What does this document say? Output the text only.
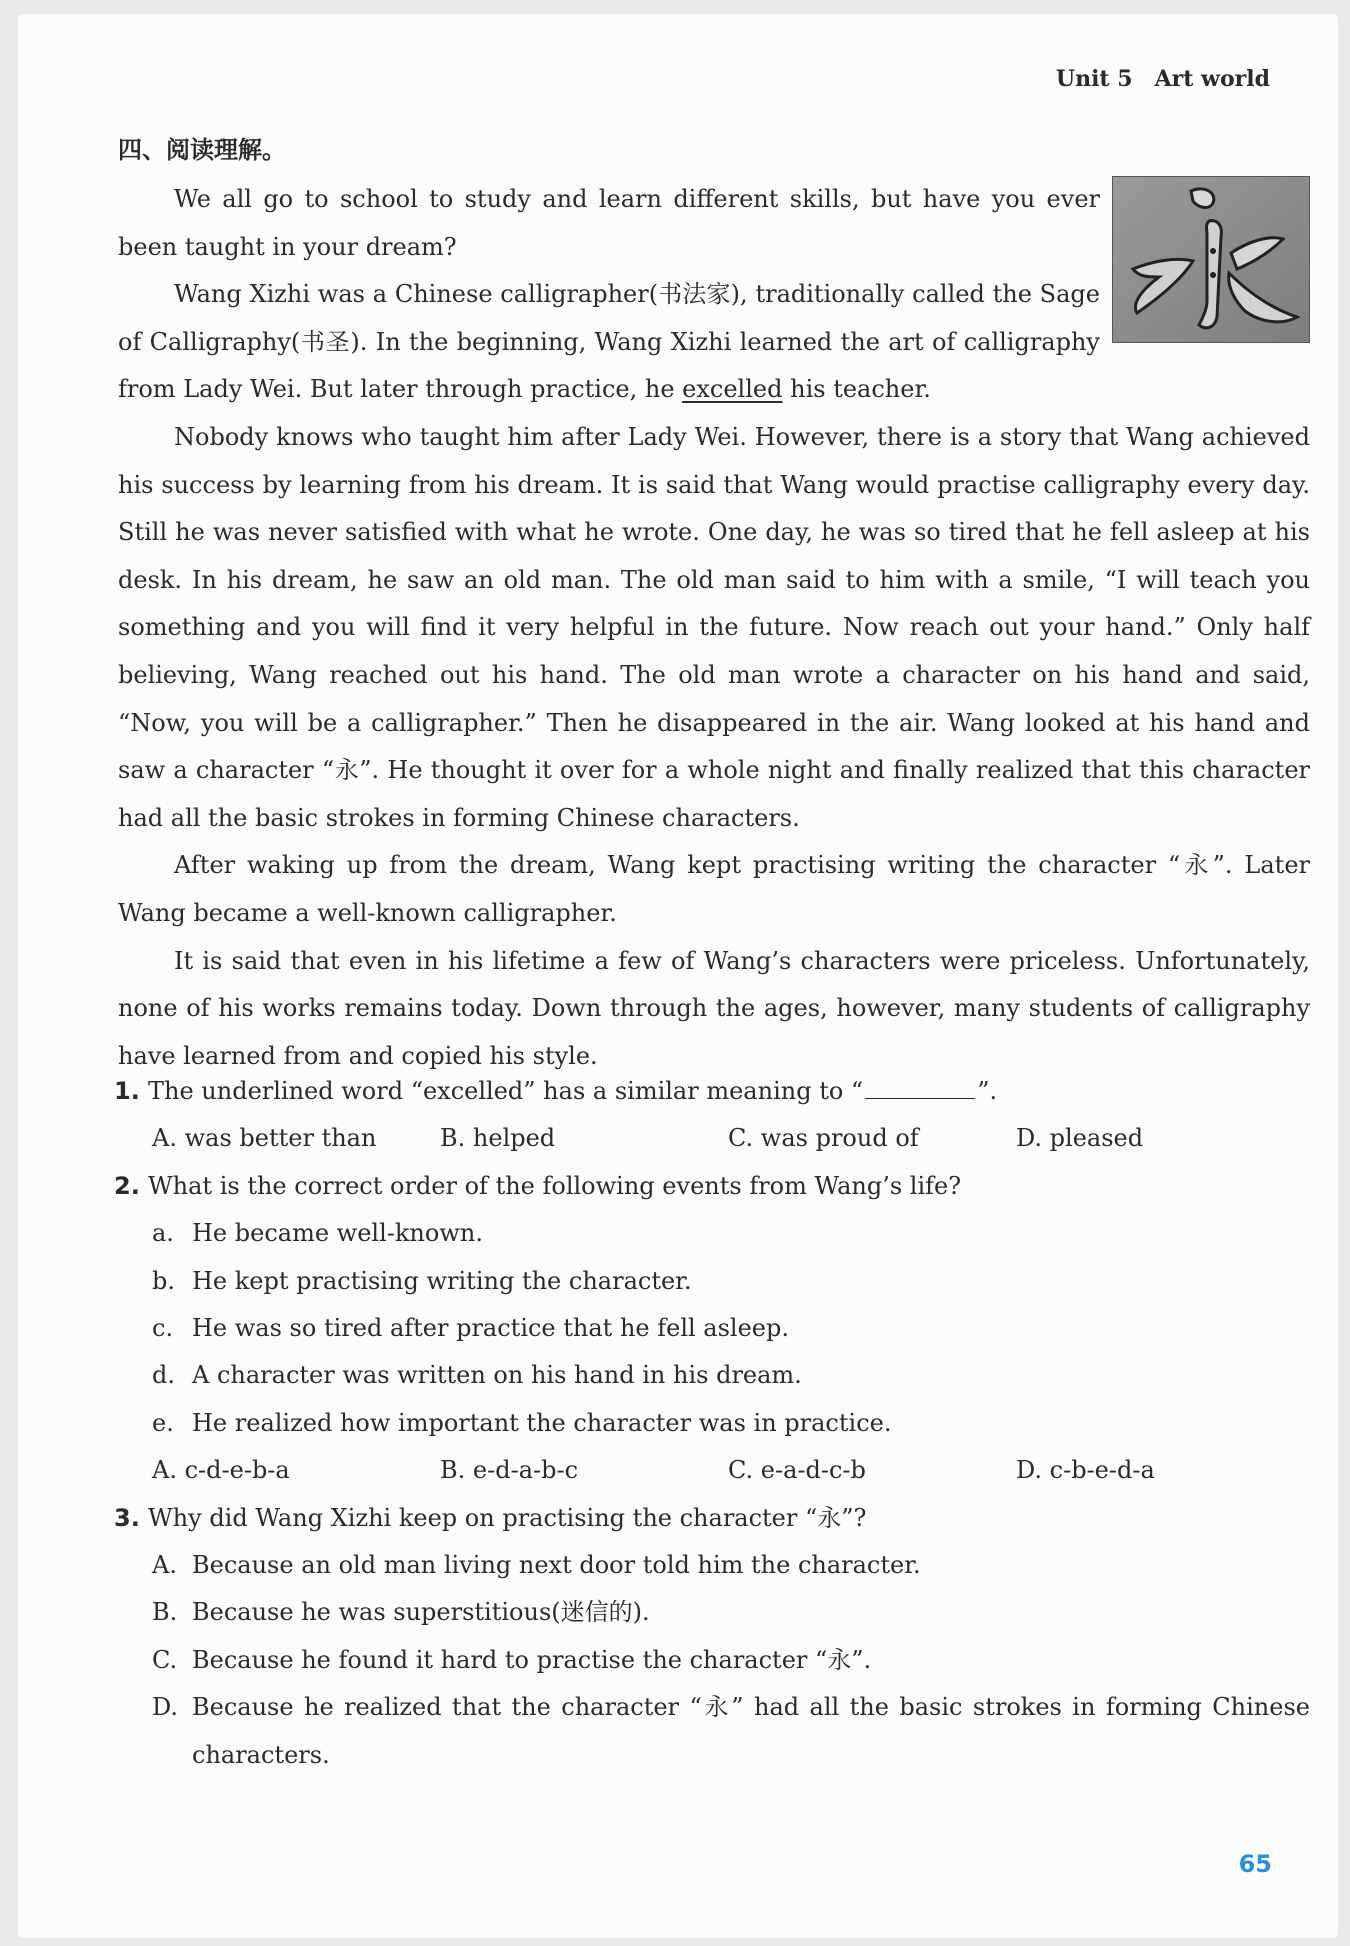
Unit 5 Art world
四、阅读理解。

We all go to school to study and learn different skills, but have you ever been taught in your dream?

Wang Xizhi was a Chinese calligrapher(书法家), traditionally called the Sage of Calligraphy(书圣). In the beginning, Wang Xizhi learned the art of calligraphy from Lady Wei. But later through practice, he excelled his teacher.

Nobody knows who taught him after Lady Wei. However, there is a story that Wang achieved his success by learning from his dream. It is said that Wang would practise calligraphy every day. Still he was never satisfied with what he wrote. One day, he was so tired that he fell asleep at his desk. In his dream, he saw an old man. The old man said to him with a smile, “I will teach you something and you will find it very helpful in the future. Now reach out your hand.” Only half believing, Wang reached out his hand. The old man wrote a character on his hand and said, “Now, you will be a calligrapher.” Then he disappeared in the air. Wang looked at his hand and saw a character “永”. He thought it over for a whole night and finally realized that this character had all the basic strokes in forming Chinese characters.

After waking up from the dream, Wang kept practising writing the character “永”. Later Wang became a well-known calligrapher.

It is said that even in his lifetime a few of Wang’s characters were priceless. Unfortunately, none of his works remains today. Down through the ages, however, many students of calligraphy have learned from and copied his style.

1. The underlined word “excelled” has a similar meaning to “	”.
A. was better than	B. helped	C. was proud of	D. pleased
2. What is the correct order of the following events from Wang’s life?
a. He became well-known.
b. He kept practising writing the character.
c. He was so tired after practice that he fell asleep.
d. A character was written on his hand in his dream.
e. He realized how important the character was in practice.
A. c-d-e-b-a	B. e-d-a-b-c	C. e-a-d-c-b	D. c-b-e-d-a
3. Why did Wang Xizhi keep on practising the character “永”?
A. Because an old man living next door told him the character.
B. Because he was superstitious(迷信的).
C. Because he found it hard to practise the character “永”.
D. Because he realized that the character “永” had all the basic strokes in forming Chinese characters.
65
